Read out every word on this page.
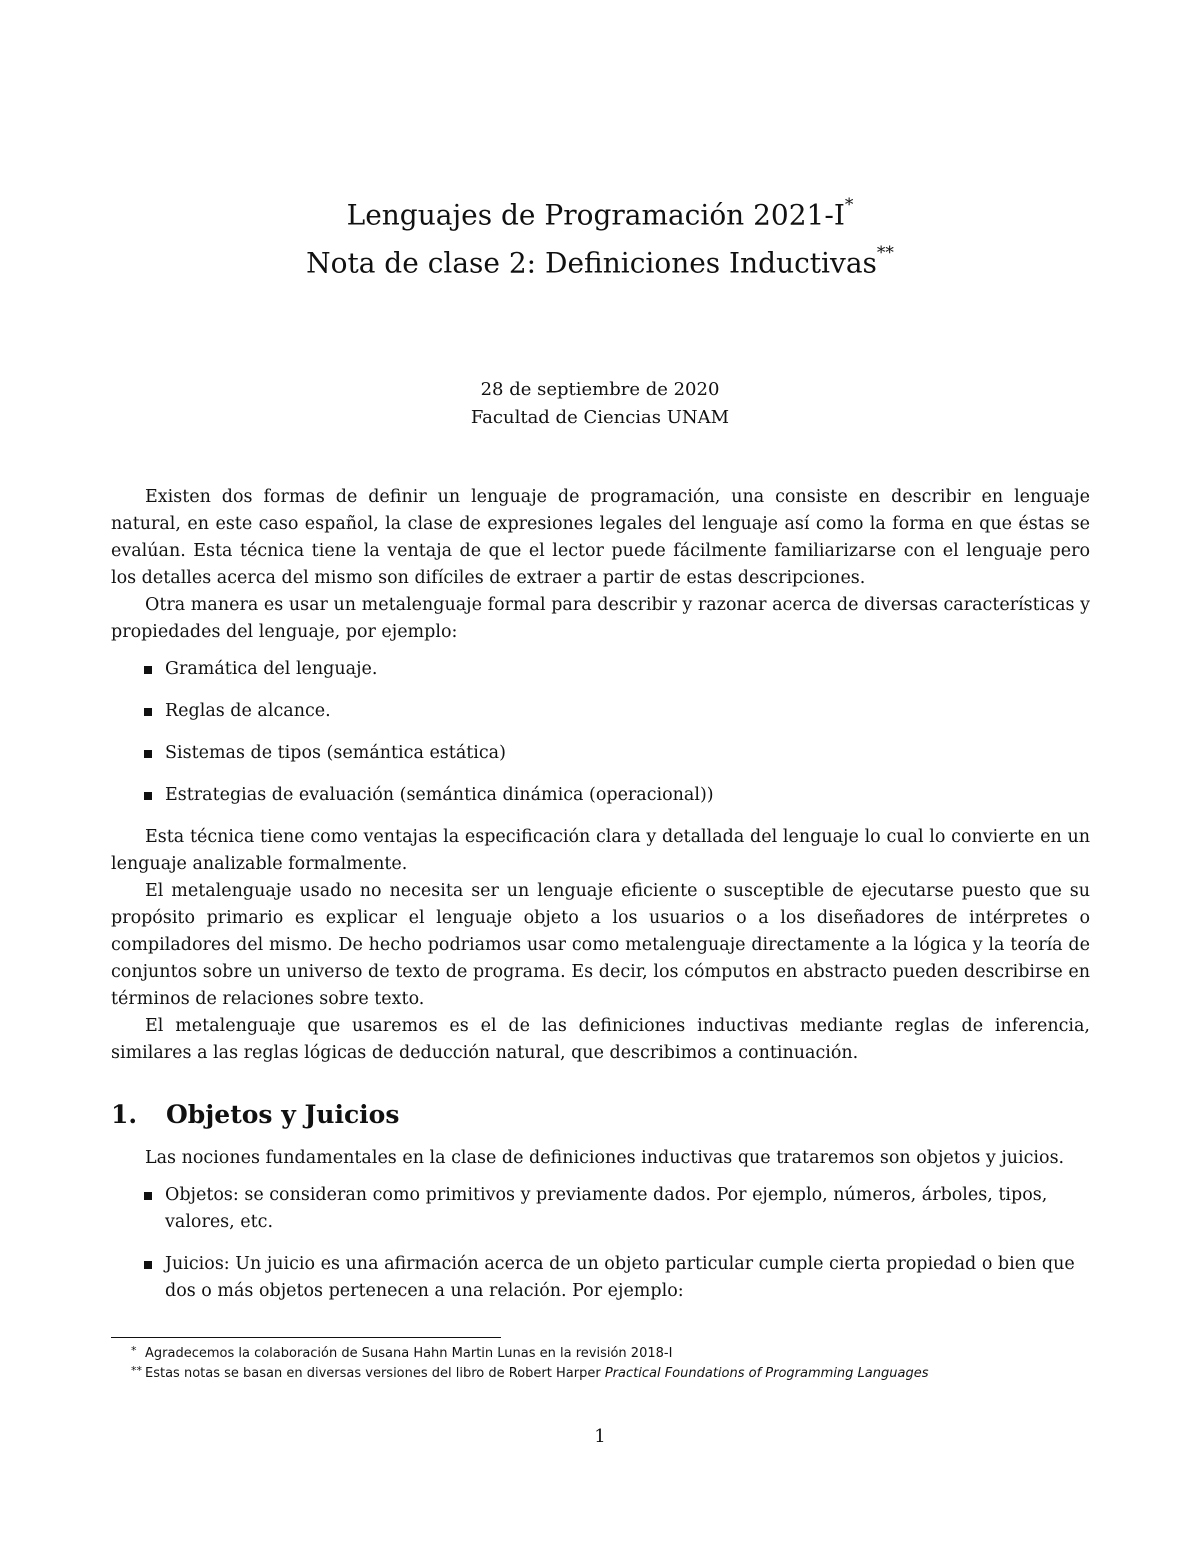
Lenguajes de Programación 2021-I*
Nota de clase 2: Definiciones Inductivas**
28 de septiembre de 2020
Facultad de Ciencias UNAM

Existen dos formas de definir un lenguaje de programación, una consiste en describir en lenguaje natural, en este caso español, la clase de expresiones legales del lenguaje así como la forma en que éstas se evalúan. Esta técnica tiene la ventaja de que el lector puede fácilmente familiarizarse con el lenguaje pero los detalles acerca del mismo son difíciles de extraer a partir de estas descripciones.

Otra manera es usar un metalenguaje formal para describir y razonar acerca de diversas características y propiedades del lenguaje, por ejemplo:

Gramática del lenguaje.
Reglas de alcance.
Sistemas de tipos (semántica estática)
Estrategias de evaluación (semántica dinámica (operacional))

Esta técnica tiene como ventajas la especificación clara y detallada del lenguaje lo cual lo convierte en un lenguaje analizable formalmente.

El metalenguaje usado no necesita ser un lenguaje eficiente o susceptible de ejecutarse puesto que su propósito primario es explicar el lenguaje objeto a los usuarios o a los diseñadores de intérpretes o compiladores del mismo. De hecho podriamos usar como metalenguaje directamente a la lógica y la teoría de conjuntos sobre un universo de texto de programa. Es decir, los cómputos en abstracto pueden describirse en términos de relaciones sobre texto.

El metalenguaje que usaremos es el de las definiciones inductivas mediante reglas de inferencia, similares a las reglas lógicas de deducción natural, que describimos a continuación.

1. Objetos y Juicios

Las nociones fundamentales en la clase de definiciones inductivas que trataremos son objetos y juicios.

Objetos: se consideran como primitivos y previamente dados. Por ejemplo, números, árboles, tipos, valores, etc.
Juicios: Un juicio es una afirmación acerca de un objeto particular cumple cierta propiedad o bien que dos o más objetos pertenecen a una relación. Por ejemplo:
* Agradecemos la colaboración de Susana Hahn Martin Lunas en la revisión 2018-I
** Estas notas se basan en diversas versiones del libro de Robert Harper Practical Foundations of Programming Languages
1
